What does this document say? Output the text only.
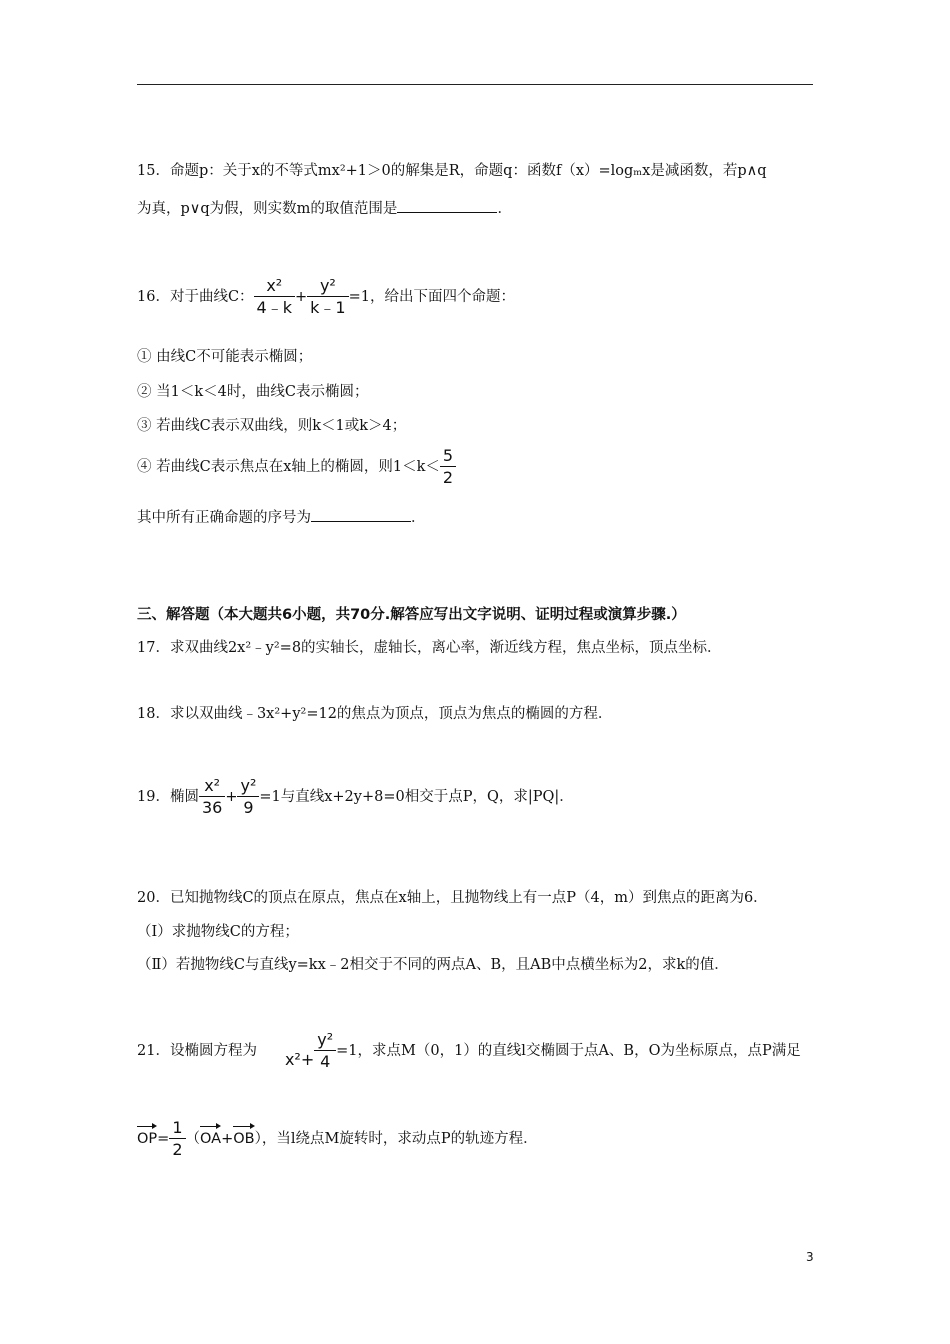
15．命题p：关于x的不等式mx²+1＞0的解集是R，命题q：函数f（x）=logₘx是减函数，若p∧q
为真，p∨q为假，则实数m的取值范围是	．
16．对于曲线C： $\frac{\text{x²}}{4﹣k} + \frac{\text{y²}}{k﹣1} =1$，给出下面四个命题：
① 由线C不可能表示椭圆；
② 当1＜k＜4时，曲线C表示椭圆；
③ 若曲线C表示双曲线，则k＜1或k＞4；
④ 若曲线C表示焦点在x轴上的椭圆，则$1<k< \frac{5}{2}$
其中所有正确命题的序号为	．
三、解答题（本大题共6小题，共70分.解答应写出文字说明、证明过程或演算步骤.）
17．求双曲线2x²﹣y²=8的实轴长，虚轴长，离心率，渐近线方程，焦点坐标，顶点坐标．
18．求以双曲线﹣3x²+y²=12的焦点为顶点，顶点为焦点的椭圆的方程．
19．椭圆 $\frac{\text{x²}}{36} + \frac{\text{y²}}{9} =1$与直线x+2y+8=0相交于点P，Q，求|PQ|．
20．已知抛物线C的顶点在原点，焦点在x轴上，且抛物线上有一点P（4，m）到焦点的距离为6．
（Ⅰ）求抛物线C的方程；
（Ⅱ）若抛物线C与直线y=kx﹣2相交于不同的两点A、B，且AB中点横坐标为2，求k的值．
21．设椭圆方程为 $x^2+ \frac{\text{y²}}{4} =1$，求点M（0，1）的直线l交椭圆于点A、B，O为坐标原点，点P满足
$OP= \frac{1}{2} (OA+OB)$，当l绕点M旋转时，求动点P的轨迹方程．
3
